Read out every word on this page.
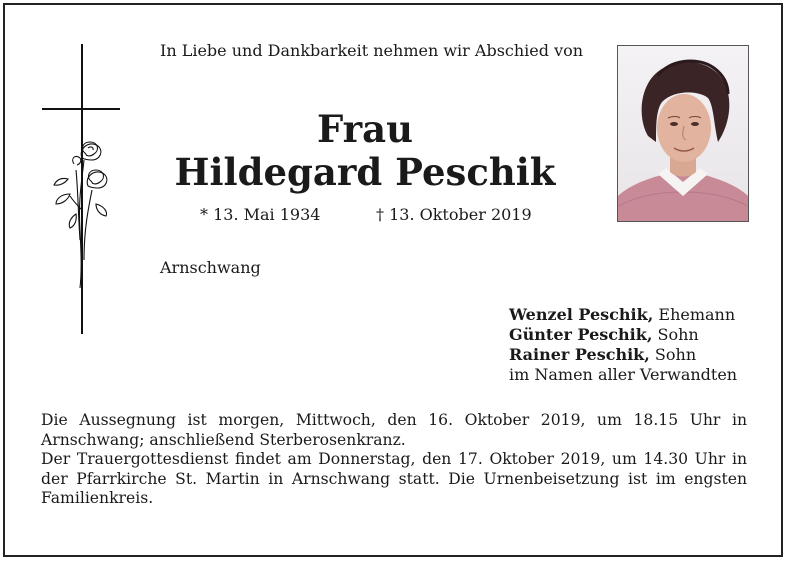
In Liebe und Dankbarkeit nehmen wir Abschied von
Frau
Hildegard Peschik
* 13. Mai 1934	† 13. Oktober 2019
Arnschwang
Wenzel Peschik, Ehemann
Günter Peschik, Sohn
Rainer Peschik, Sohn
im Namen aller Verwandten

Die Aussegnung ist morgen, Mittwoch, den 16. Oktober 2019, um 18.15 Uhr in Arnschwang; anschließend Sterberosenkranz.

Der Trauergottesdienst findet am Donnerstag, den 17. Oktober 2019, um 14.30 Uhr in der Pfarrkirche St. Martin in Arnschwang statt. Die Urnenbeisetzung ist im engsten Familienkreis.
